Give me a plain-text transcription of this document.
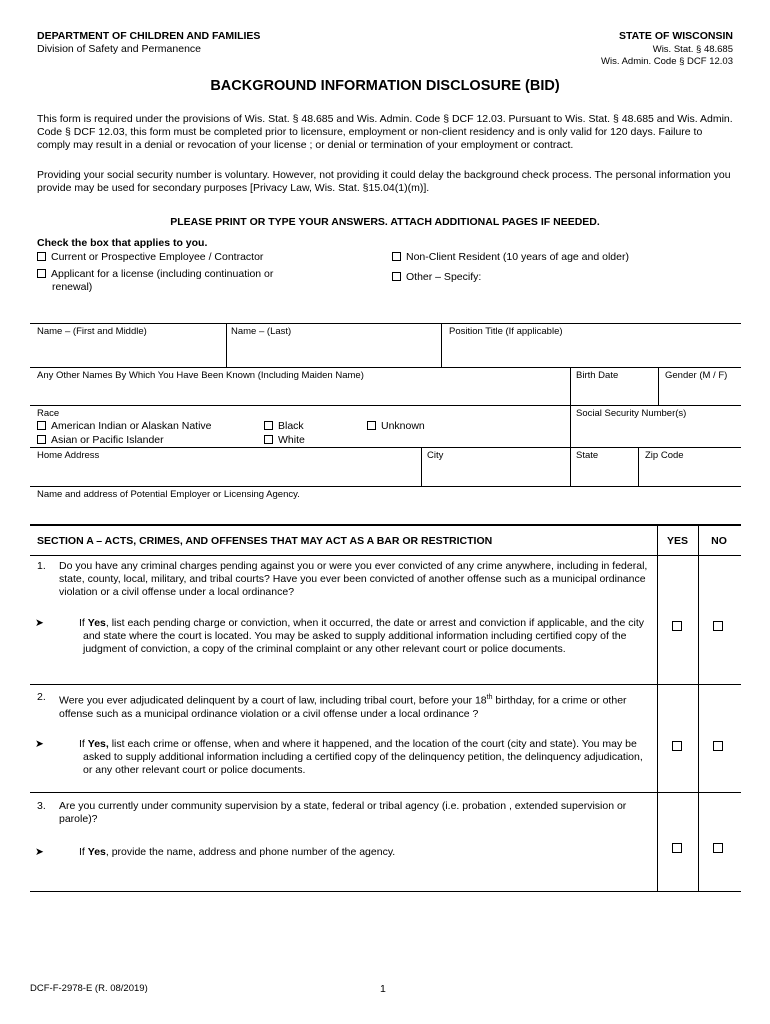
DEPARTMENT OF CHILDREN AND FAMILIES
Division of Safety and Permanence
STATE OF WISCONSIN
Wis. Stat. § 48.685
Wis. Admin. Code § DCF 12.03
BACKGROUND INFORMATION DISCLOSURE (BID)
This form is required under the provisions of Wis. Stat. § 48.685 and Wis. Admin. Code § DCF 12.03. Pursuant to Wis. Stat. § 48.685 and Wis. Admin. Code § DCF 12.03, this form must be completed prior to licensure, employment or non-client residency and is only valid for 120 days. Failure to comply may result in a denial or revocation of your license ; or denial or termination of your employment or contract.
Providing your social security number is voluntary. However, not providing it could delay the background check process. The personal information you provide may be used for secondary purposes [Privacy Law, Wis. Stat. §15.04(1)(m)].
PLEASE PRINT OR TYPE YOUR ANSWERS. ATTACH ADDITIONAL PAGES IF NEEDED.
Check the box that applies to you.
Current or Prospective Employee / Contractor
Applicant for a license (including continuation or
renewal)
Non-Client Resident (10 years of age and older)
Other – Specify:
Name – (First and Middle)	Name – (Last)	Position Title (If applicable)
Any Other Names By Which You Have Been Known (Including Maiden Name)	Birth Date	Gender (M / F)
Race
American Indian or Alaskan Native
Asian or Pacific Islander
Black
White
Unknown
Social Security Number(s)
Home Address	City	State	Zip Code
Name and address of Potential Employer or Licensing Agency.
SECTION A – ACTS, CRIMES, AND OFFENSES THAT MAY ACT AS A BAR OR RESTRICTION	YES	NO
1. Do you have any criminal charges pending against you or were you ever convicted of any crime anywhere, including in federal, state, county, local, military, and tribal courts? Have you ever been convicted of another offense such as a municipal ordinance violation or a civil offense under a local ordinance?

➤	If Yes, list each pending charge or conviction, when it occurred, the date or arrest and conviction if applicable, and the city and state where the court is located. You may be asked to supply additional information including certified copy of the judgment of conviction, a copy of the criminal complaint or any other relevant court or police documents.

2. Were you ever adjudicated delinquent by a court of law, including tribal court, before your 18th birthday, for a crime or other offense such as a municipal ordinance violation or a civil offense under a local ordinance ?

➤	If Yes, list each crime or offense, when and where it happened, and the location of the court (city and state). You may be asked to supply additional information including a certified copy of the delinquency petition, the delinquency adjudication, or any other relevant court or police documents.

3. Are you currently under community supervision by a state, federal or tribal agency (i.e. probation , extended supervision or parole)?

➤	If Yes, provide the name, address and phone number of the agency.

DCF-F-2978-E (R. 08/2019)	1
